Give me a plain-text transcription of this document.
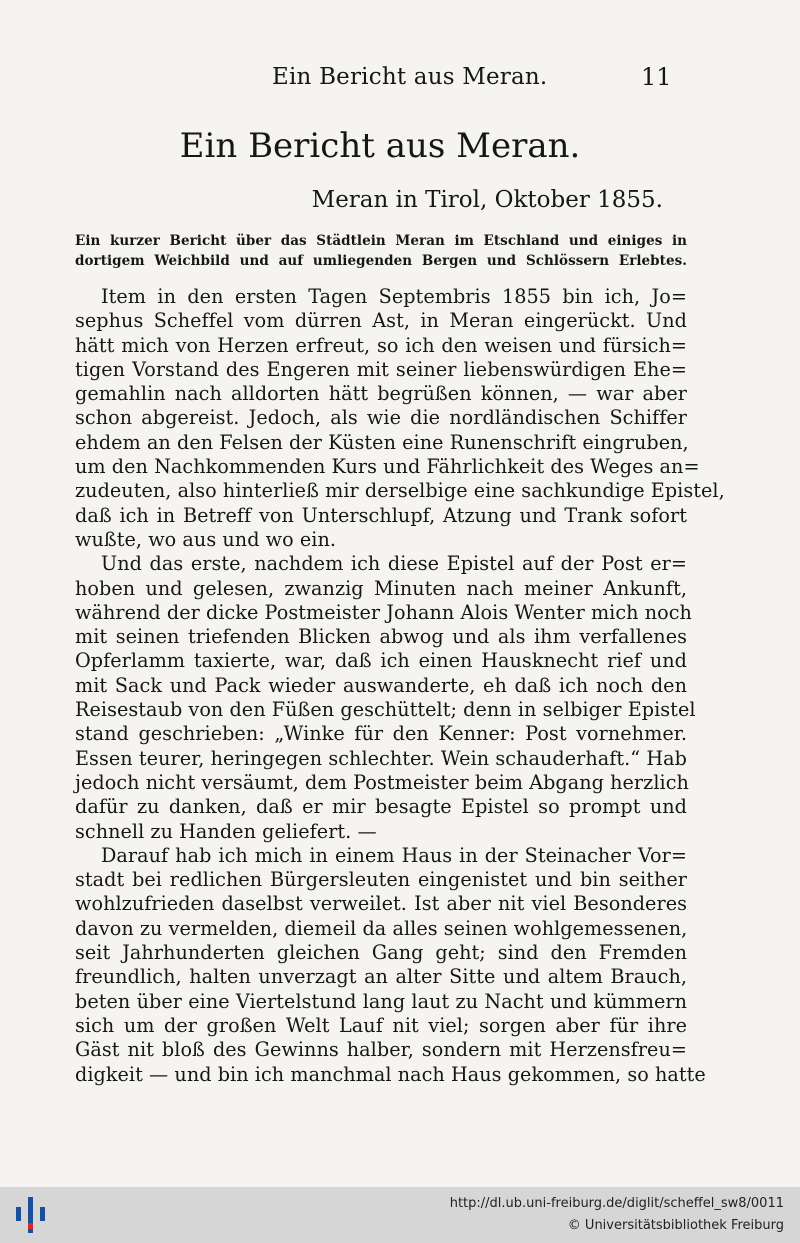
Ein Bericht aus Meran.	11
Ein Bericht aus Meran.
Meran in Tirol, Oktober 1855.
Ein kurzer Bericht über das Städtlein Meran im Etschland und einiges in
dortigem Weichbild und auf umliegenden Bergen und Schlössern Erlebtes.
Item in den ersten Tagen Septembris 1855 bin ich, Jo=
sephus Scheffel vom dürren Ast, in Meran eingerückt. Und
hätt mich von Herzen erfreut, so ich den weisen und fürsich=
tigen Vorstand des Engeren mit seiner liebenswürdigen Ehe=
gemahlin nach alldorten hätt begrüßen können, — war aber
schon abgereist. Jedoch, als wie die nordländischen Schiffer
ehdem an den Felsen der Küsten eine Runenschrift eingruben,
um den Nachkommenden Kurs und Fährlichkeit des Weges an=
zudeuten, also hinterließ mir derselbige eine sachkundige Epistel,
daß ich in Betreff von Unterschlupf, Atzung und Trank sofort
wußte, wo aus und wo ein.
Und das erste, nachdem ich diese Epistel auf der Post er=
hoben und gelesen, zwanzig Minuten nach meiner Ankunft,
während der dicke Postmeister Johann Alois Wenter mich noch
mit seinen triefenden Blicken abwog und als ihm verfallenes
Opferlamm taxierte, war, daß ich einen Hausknecht rief und
mit Sack und Pack wieder auswanderte, eh daß ich noch den
Reisestaub von den Füßen geschüttelt; denn in selbiger Epistel
stand geschrieben: „Winke für den Kenner: Post vornehmer.
Essen teurer, heringegen schlechter. Wein schauderhaft.“ Hab
jedoch nicht versäumt, dem Postmeister beim Abgang herzlich
dafür zu danken, daß er mir besagte Epistel so prompt und
schnell zu Handen geliefert. —
Darauf hab ich mich in einem Haus in der Steinacher Vor=
stadt bei redlichen Bürgersleuten eingenistet und bin seither
wohlzufrieden daselbst verweilet. Ist aber nit viel Besonderes
davon zu vermelden, diemeil da alles seinen wohlgemessenen,
seit Jahrhunderten gleichen Gang geht; sind den Fremden
freundlich, halten unverzagt an alter Sitte und altem Brauch,
beten über eine Viertelstund lang laut zu Nacht und kümmern
sich um der großen Welt Lauf nit viel; sorgen aber für ihre
Gäst nit bloß des Gewinns halber, sondern mit Herzensfreu=
digkeit — und bin ich manchmal nach Haus gekommen, so hatte
http://dl.ub.uni-freiburg.de/diglit/scheffel_sw8/0011
© Universitätsbibliothek Freiburg
